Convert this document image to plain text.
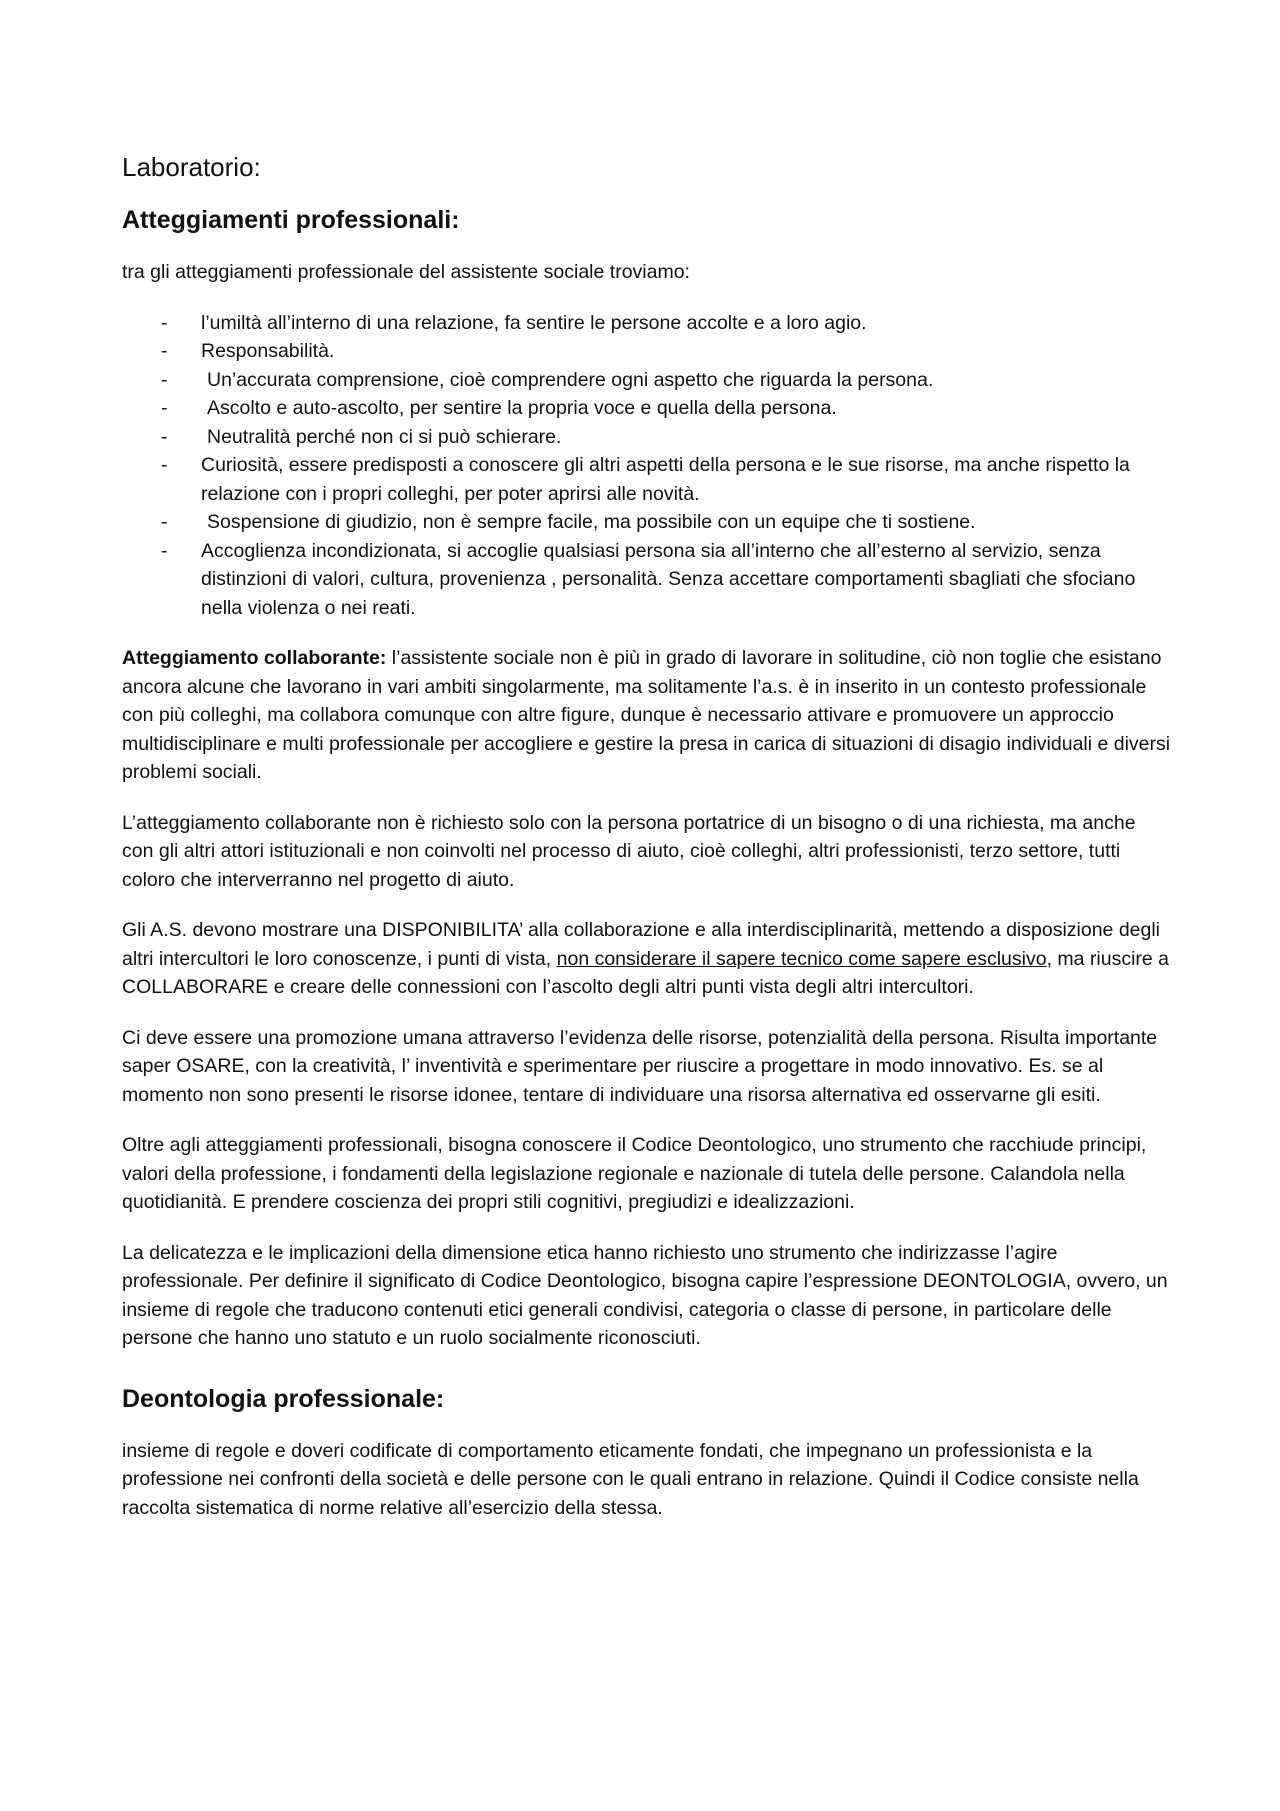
Laboratorio:
Atteggiamenti professionali:

tra gli atteggiamenti professionale del assistente sociale troviamo:

- l’umiltà all’interno di una relazione, fa sentire le persone accolte e a loro agio.
- Responsabilità.
- Un’accurata comprensione, cioè comprendere ogni aspetto che riguarda la persona.
- Ascolto e auto-ascolto, per sentire la propria voce e quella della persona.
- Neutralità perché non ci si può schierare.
- Curiosità, essere predisposti a conoscere gli altri aspetti della persona e le sue risorse, ma anche rispetto la relazione con i propri colleghi, per poter aprirsi alle novità.
- Sospensione di giudizio, non è sempre facile, ma possibile con un equipe che ti sostiene.
- Accoglienza incondizionata, si accoglie qualsiasi persona sia all’interno che all’esterno al servizio, senza distinzioni di valori, cultura, provenienza , personalità. Senza accettare comportamenti sbagliati che sfociano nella violenza o nei reati.

Atteggiamento collaborante: l’assistente sociale non è più in grado di lavorare in solitudine, ciò non toglie che esistano ancora alcune che lavorano in vari ambiti singolarmente, ma solitamente l’a.s. è in inserito in un contesto professionale con più colleghi, ma collabora comunque con altre figure, dunque è necessario attivare e promuovere un approccio multidisciplinare e multi professionale per accogliere e gestire la presa in carica di situazioni di disagio individuali e diversi problemi sociali.

L’atteggiamento collaborante non è richiesto solo con la persona portatrice di un bisogno o di una richiesta, ma anche con gli altri attori istituzionali e non coinvolti nel processo di aiuto, cioè colleghi, altri professionisti, terzo settore, tutti coloro che interverranno nel progetto di aiuto.

Gli A.S. devono mostrare una DISPONIBILITA’ alla collaborazione e alla interdisciplinarità, mettendo a disposizione degli altri intercultori le loro conoscenze, i punti di vista, non considerare il sapere tecnico come sapere esclusivo, ma riuscire a COLLABORARE e creare delle connessioni con l’ascolto degli altri punti vista degli altri intercultori.

Ci deve essere una promozione umana attraverso l’evidenza delle risorse, potenzialità della persona. Risulta importante saper OSARE, con la creatività, l’ inventività e sperimentare per riuscire a progettare in modo innovativo. Es. se al momento non sono presenti le risorse idonee, tentare di individuare una risorsa alternativa ed osservarne gli esiti.

Oltre agli atteggiamenti professionali, bisogna conoscere il Codice Deontologico, uno strumento che racchiude principi, valori della professione, i fondamenti della legislazione regionale e nazionale di tutela delle persone. Calandola nella quotidianità. E prendere coscienza dei propri stili cognitivi, pregiudizi e idealizzazioni.

La delicatezza e le implicazioni della dimensione etica hanno richiesto uno strumento che indirizzasse l’agire professionale. Per definire il significato di Codice Deontologico, bisogna capire l’espressione DEONTOLOGIA, ovvero, un insieme di regole che traducono contenuti etici generali condivisi, categoria o classe di persone, in particolare delle persone che hanno uno statuto e un ruolo socialmente riconosciuti.

Deontologia professionale:

insieme di regole e doveri codificate di comportamento eticamente fondati, che impegnano un professionista e la professione nei confronti della società e delle persone con le quali entrano in relazione. Quindi il Codice consiste nella raccolta sistematica di norme relative all’esercizio della stessa.
